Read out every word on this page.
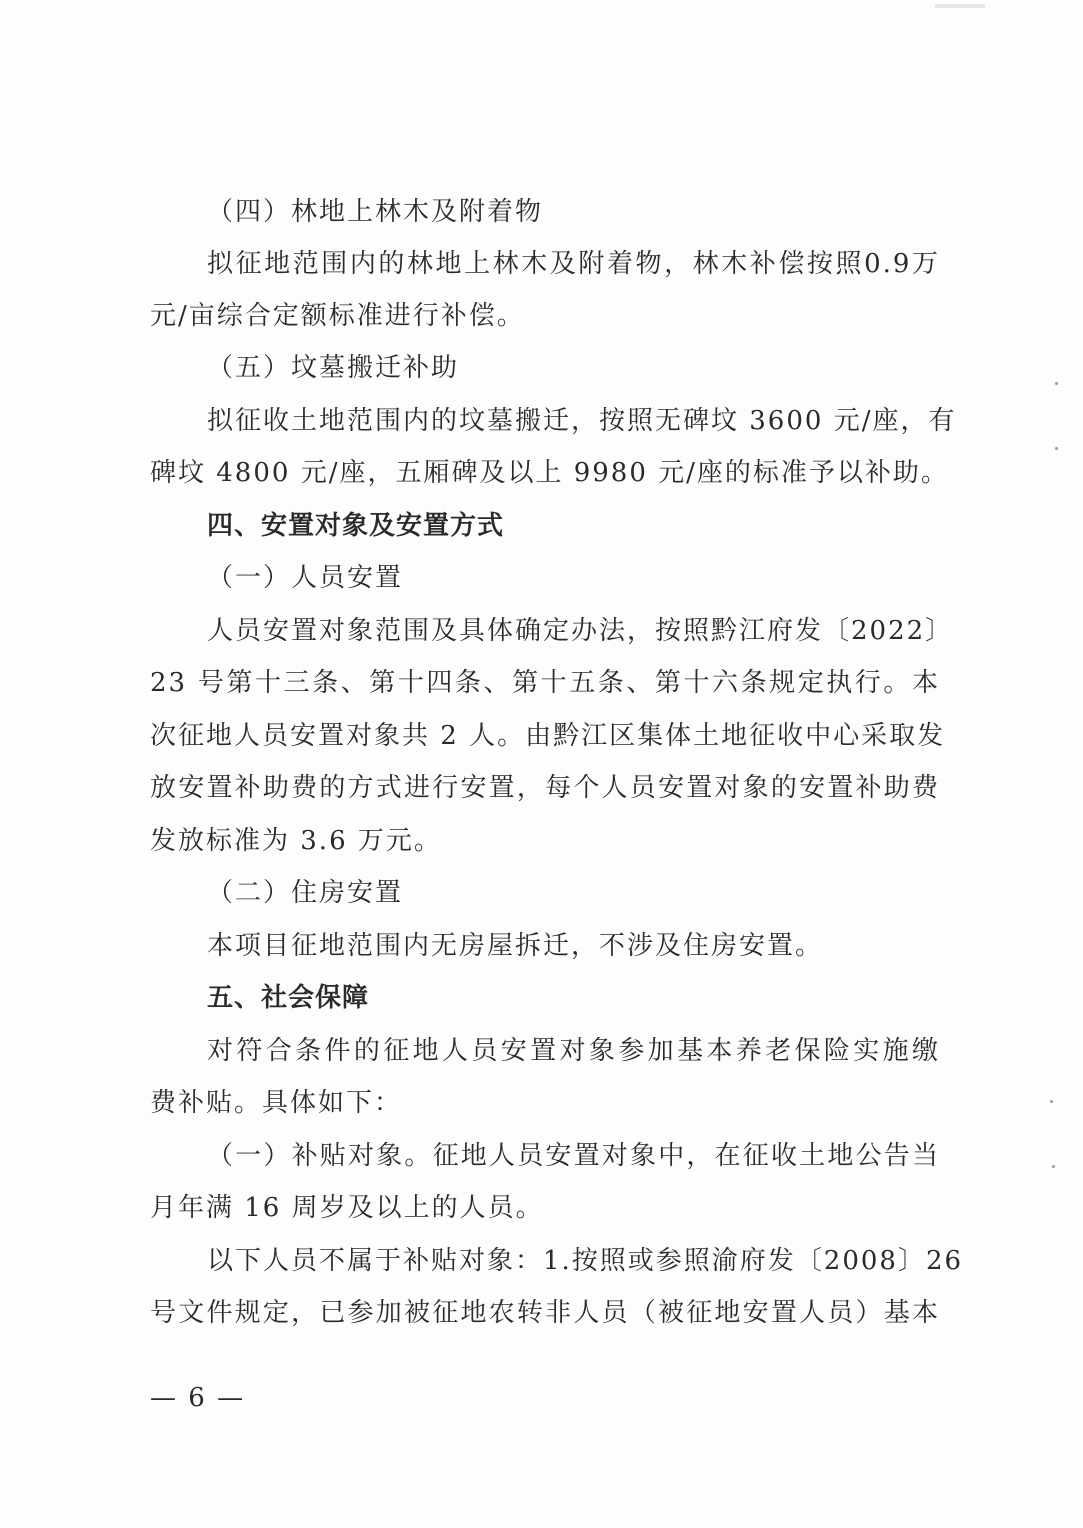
（四）林地上林木及附着物
拟征地范围内的林地上林木及附着物，林木补偿按照0.9万
元/亩综合定额标准进行补偿。
（五）坟墓搬迁补助
拟征收土地范围内的坟墓搬迁，按照无碑坟 3600 元/座，有
碑坟 4800 元/座，五厢碑及以上 9980 元/座的标准予以补助。
四、安置对象及安置方式
（一）人员安置
人员安置对象范围及具体确定办法，按照黔江府发〔2022〕
23 号第十三条、第十四条、第十五条、第十六条规定执行。本
次征地人员安置对象共 2 人。由黔江区集体土地征收中心采取发
放安置补助费的方式进行安置，每个人员安置对象的安置补助费
发放标准为 3.6 万元。
（二）住房安置
本项目征地范围内无房屋拆迁，不涉及住房安置。
五、社会保障
对符合条件的征地人员安置对象参加基本养老保险实施缴
费补贴。具体如下：
（一）补贴对象。征地人员安置对象中，在征收土地公告当
月年满 16 周岁及以上的人员。
以下人员不属于补贴对象：1.按照或参照渝府发〔2008〕26
号文件规定，已参加被征地农转非人员（被征地安置人员）基本
— 6 —
